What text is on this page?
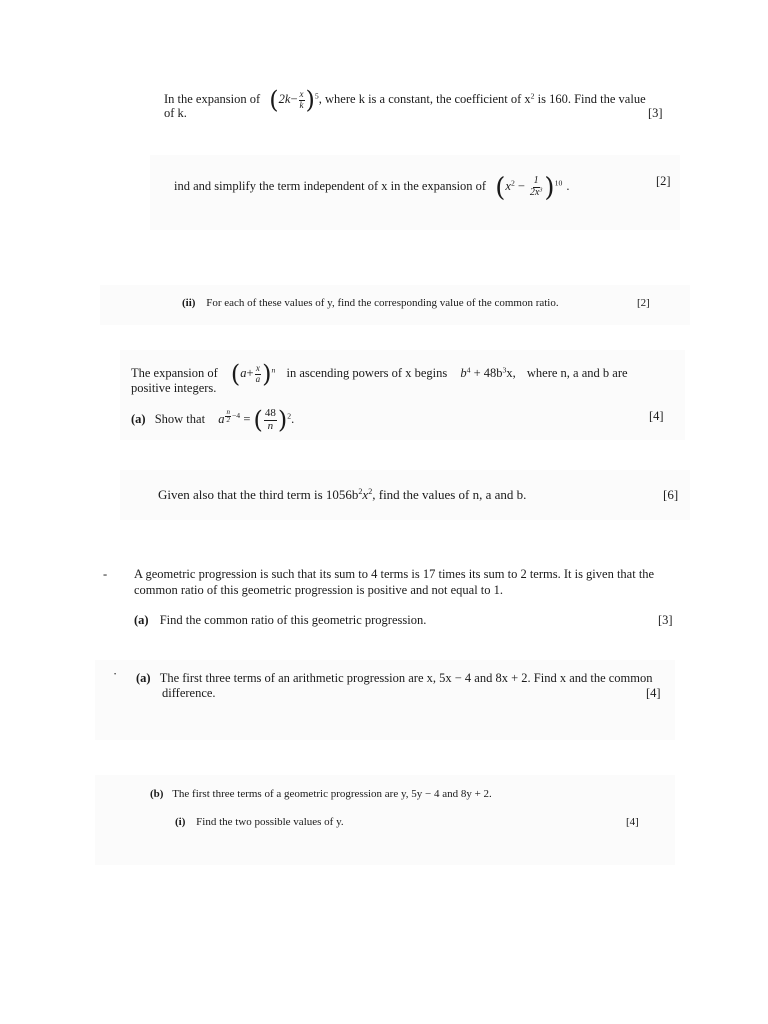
In the expansion of $(2k- \frac{x}{k} )^5$, where k is a constant, the coefficient of $x^2$ is 160. Find the value
of k.	[3]
ind and simplify the term independent of x in the expansion of $(x^2 - \frac{1}{2x^3} )^{10}$ .	[2]
(ii) For each of these values of y, find the corresponding value of the common ratio.	[2]
The expansion of $(a+ \frac{x}{a} )^n$ in ascending powers of x begins $b^4 + 48b^3x$, where n, a and b are
positive integers.
(a) Show that a $^{\frac{n}{2} -4}$ = ( $\frac{48}{n} )^2$.	[4]
Given also that the third term is $1056b^2x^2$, find the values of n, a and b.	[6]
- A geometric progression is such that its sum to 4 terms is 17 times its sum to 2 terms. It is given that the
common ratio of this geometric progression is positive and not equal to 1.
(a) Find the common ratio of this geometric progression.	[3]
· (a) The first three terms of an arithmetic progression are x, 5x − 4 and 8x + 2. Find x and the common
difference.	[4]
(b) The first three terms of a geometric progression are y, 5y − 4 and 8y + 2.
(i) Find the two possible values of y.	[4]
